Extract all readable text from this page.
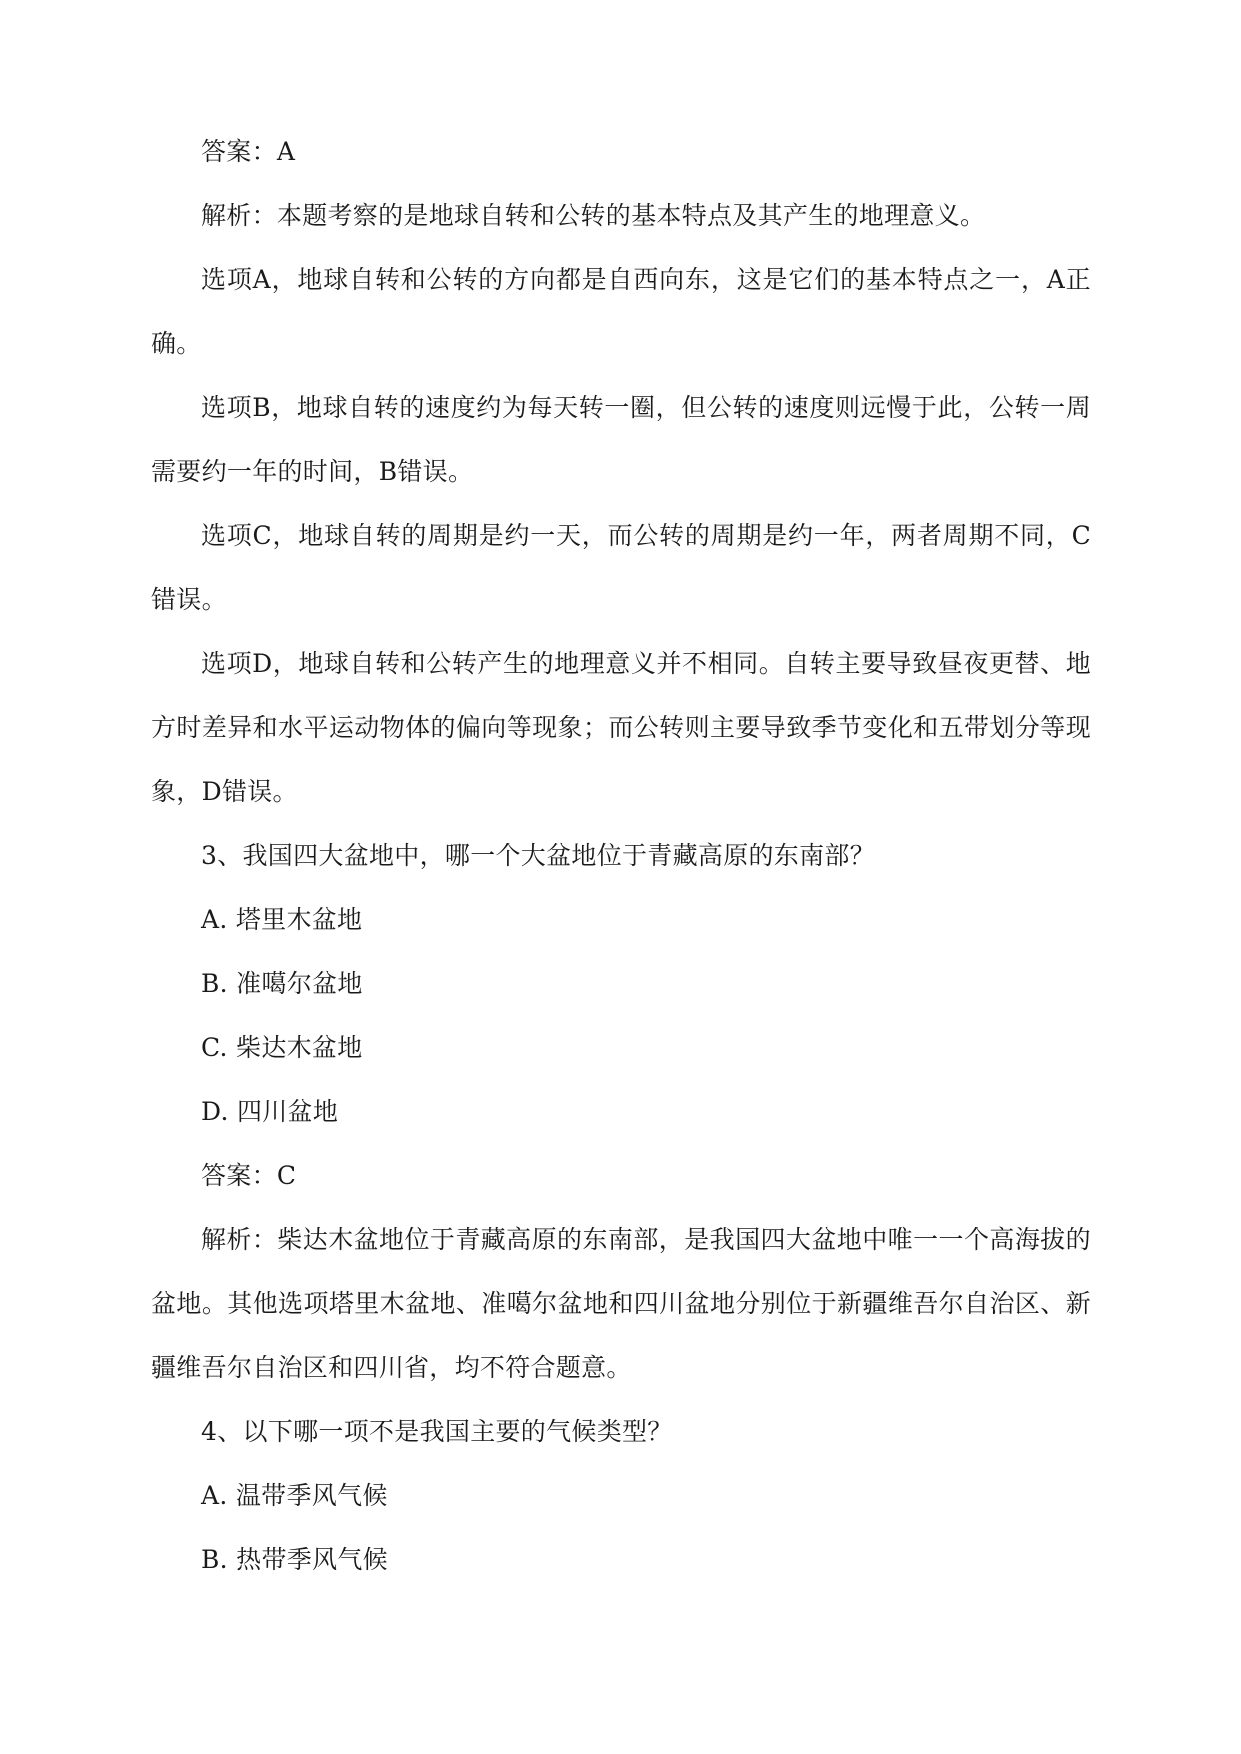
答案：A

解析：本题考察的是地球自转和公转的基本特点及其产生的地理意义。

选项A，地球自转和公转的方向都是自西向东，这是它们的基本特点之一，A正确。

选项B，地球自转的速度约为每天转一圈，但公转的速度则远慢于此，公转一周需要约一年的时间，B错误。

选项C，地球自转的周期是约一天，而公转的周期是约一年，两者周期不同，C错误。

选项D，地球自转和公转产生的地理意义并不相同。自转主要导致昼夜更替、地方时差异和水平运动物体的偏向等现象；而公转则主要导致季节变化和五带划分等现象，D错误。

3、我国四大盆地中，哪一个大盆地位于青藏高原的东南部？

A. 塔里木盆地

B. 准噶尔盆地

C. 柴达木盆地

D. 四川盆地

答案：C

解析：柴达木盆地位于青藏高原的东南部，是我国四大盆地中唯一一个高海拔的盆地。其他选项塔里木盆地、准噶尔盆地和四川盆地分别位于新疆维吾尔自治区、新疆维吾尔自治区和四川省，均不符合题意。

4、以下哪一项不是我国主要的气候类型？

A. 温带季风气候

B. 热带季风气候
